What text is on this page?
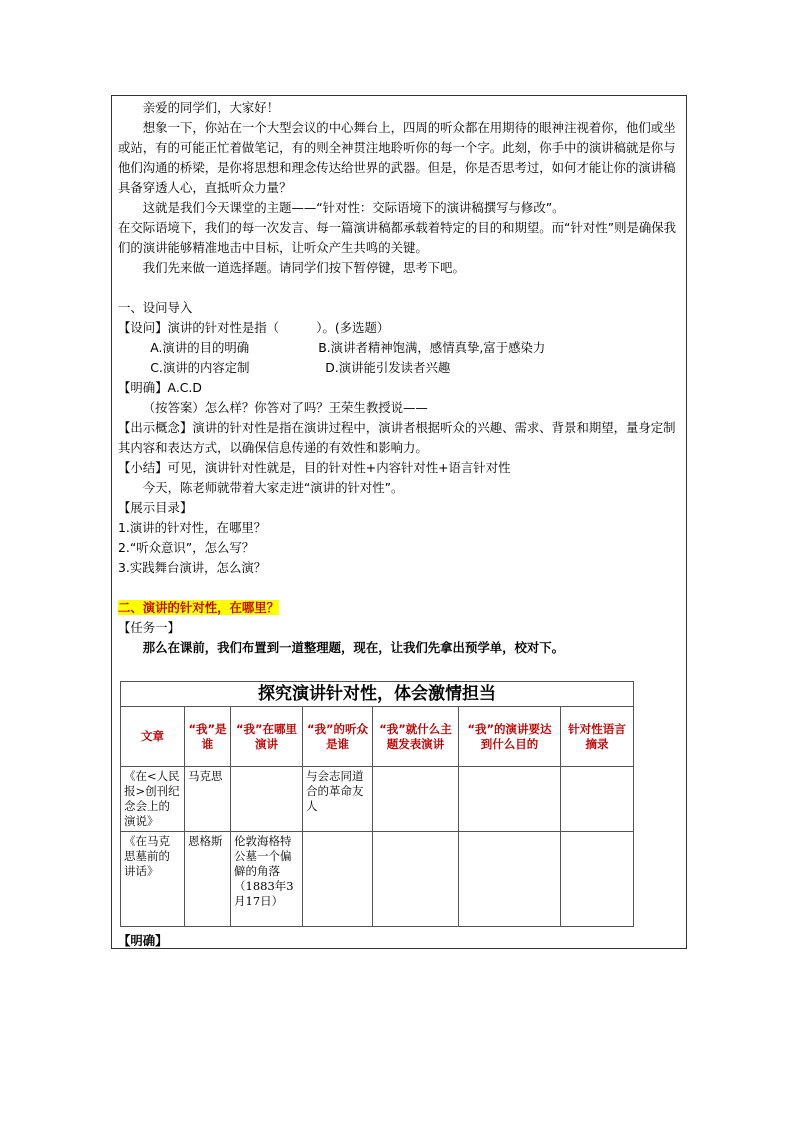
亲爱的同学们，大家好！

想象一下，你站在一个大型会议的中心舞台上，四周的听众都在用期待的眼神注视着你，他们或坐或站，有的可能正忙着做笔记，有的则全神贯注地聆听你的每一个字。此刻，你手中的演讲稿就是你与他们沟通的桥梁，是你将思想和理念传达给世界的武器。但是，你是否思考过，如何才能让你的演讲稿具备穿透人心，直抵听众力量？

这就是我们今天课堂的主题——“针对性：交际语境下的演讲稿撰写与修改”。

在交际语境下，我们的每一次发言、每一篇演讲稿都承载着特定的目的和期望。而“针对性”则是确保我们的演讲能够精准地击中目标，让听众产生共鸣的关键。

我们先来做一道选择题。请同学们按下暂停键，思考下吧。

一、设问导入

【设问】演讲的针对性是指（　　　）。(多选题）

A.演讲的目的明确	B.演讲者精神饱满，感情真挚,富于感染力
C.演讲的内容定制	D.演讲能引发读者兴趣

【明确】A.C.D

（按答案）怎么样？你答对了吗？王荣生教授说——

【出示概念】演讲的针对性是指在演讲过程中，演讲者根据听众的兴趣、需求、背景和期望，量身定制其内容和表达方式，以确保信息传递的有效性和影响力。

【小结】可见，演讲针对性就是，目的针对性+内容针对性+语言针对性

今天，陈老师就带着大家走进“演讲的针对性”。

【展示目录】

1.演讲的针对性，在哪里？

2.“听众意识”，怎么写？

3.实践舞台演讲，怎么演？

二、演讲的针对性，在哪里？

【任务一】

那么在课前，我们布置到一道整理题，现在，让我们先拿出预学单，校对下。

探究演讲针对性，体会激情担当						
文章	“我”是谁	“我”在哪里演讲	“我”的听众是谁	“我”就什么主题发表演讲	“我”的演讲要达到什么目的	针对性语言摘录
《在<人民报>创刊纪念会上的演说》	马克思		与会志同道合的革命友人			
《在马克思墓前的讲话》	恩格斯	伦敦海格特公墓一个偏僻的角落（1883年3月17日）				
【明确】
